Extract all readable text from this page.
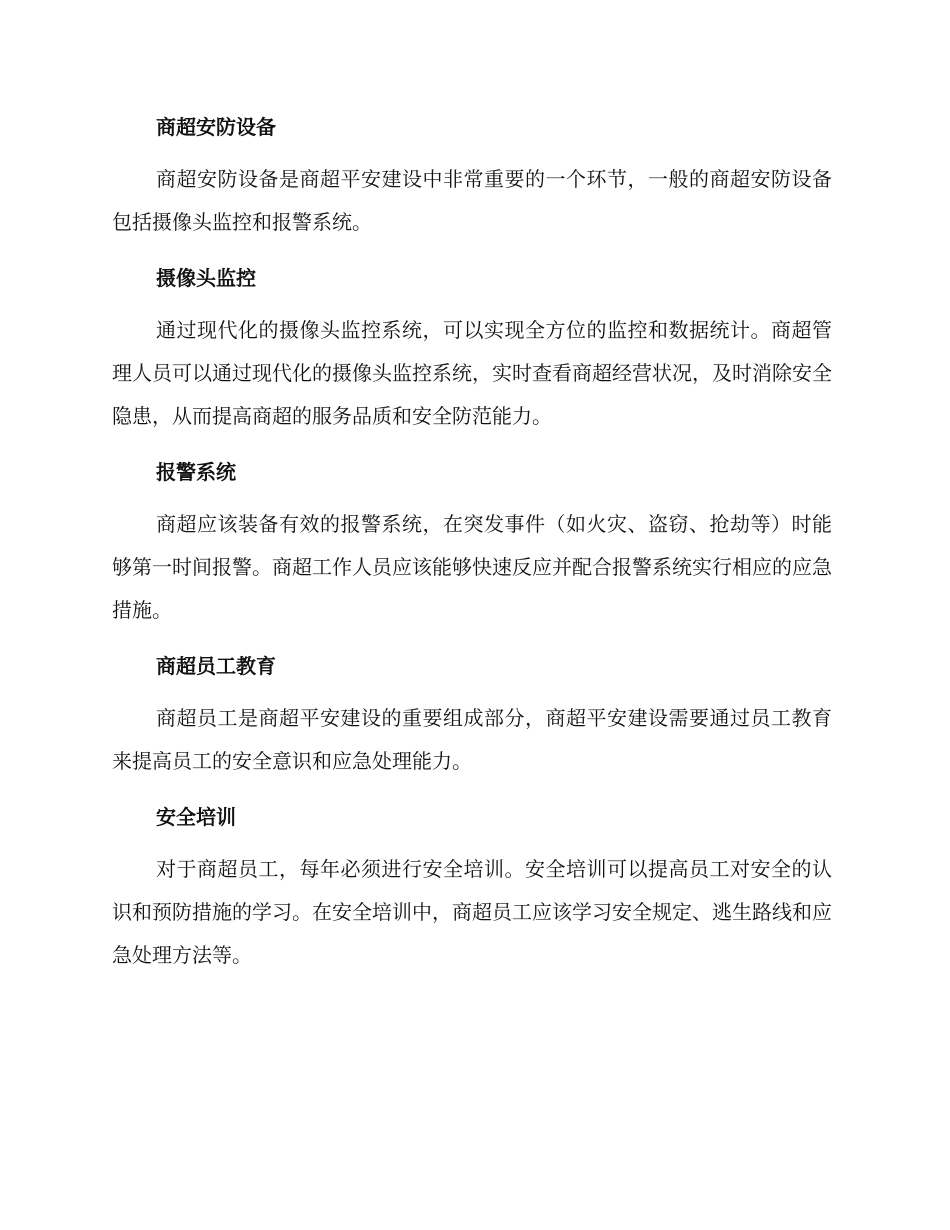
商超安防设备

商超安防设备是商超平安建设中非常重要的一个环节，一般的商超安防设备包括摄像头监控和报警系统。

摄像头监控

通过现代化的摄像头监控系统，可以实现全方位的监控和数据统计。商超管理人员可以通过现代化的摄像头监控系统，实时查看商超经营状况，及时消除安全隐患，从而提高商超的服务品质和安全防范能力。

报警系统

商超应该装备有效的报警系统，在突发事件（如火灾、盗窃、抢劫等）时能够第一时间报警。商超工作人员应该能够快速反应并配合报警系统实行相应的应急措施。

商超员工教育

商超员工是商超平安建设的重要组成部分，商超平安建设需要通过员工教育来提高员工的安全意识和应急处理能力。

安全培训

对于商超员工，每年必须进行安全培训。安全培训可以提高员工对安全的认识和预防措施的学习。在安全培训中，商超员工应该学习安全规定、逃生路线和应急处理方法等。
